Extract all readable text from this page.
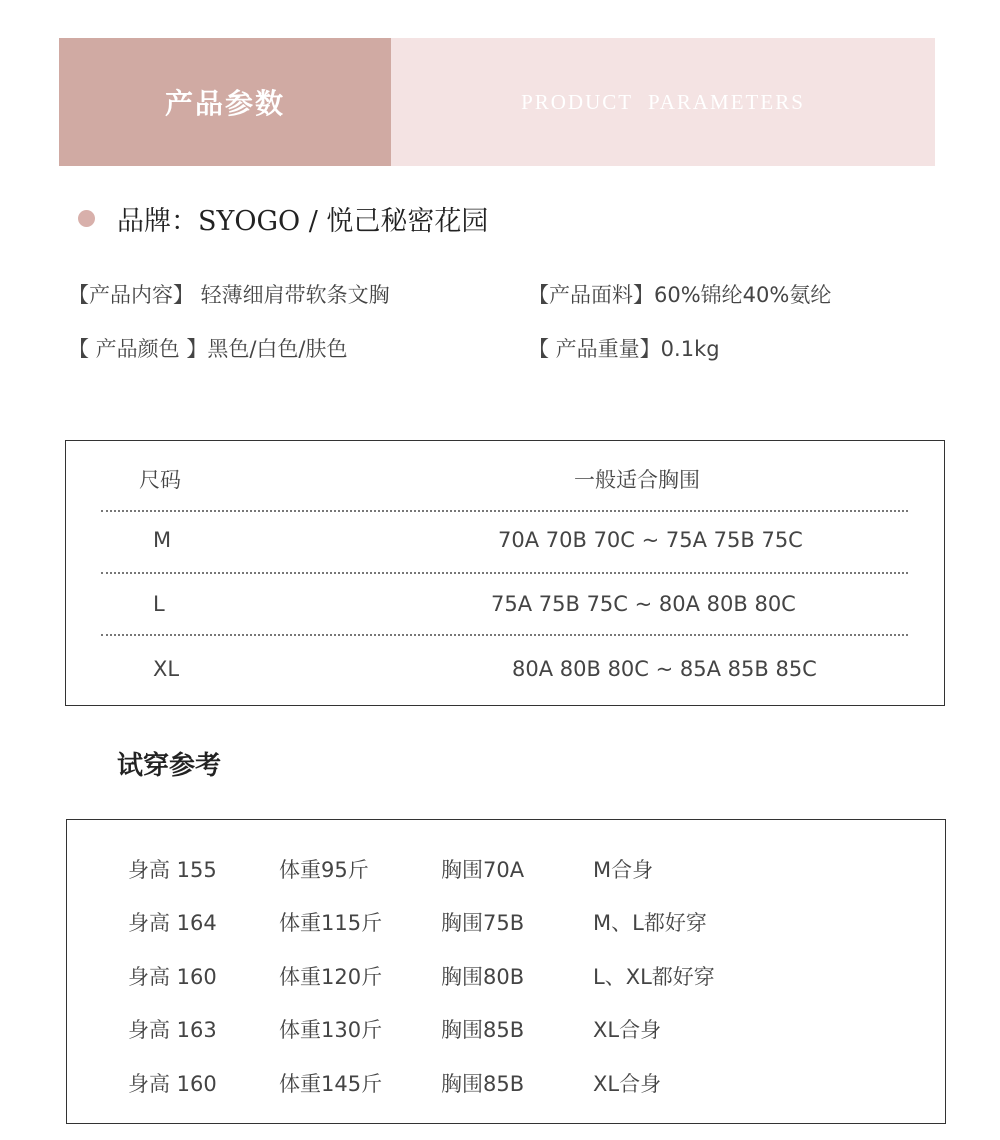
产品参数	PRODUCT PARAMETERS
品牌：SYOGO / 悦己秘密花园
【产品内容】 轻薄细肩带软条文胸	【产品面料】60%锦纶40%氨纶
【 产品颜色 】黑色/白色/肤色	【 产品重量】0.1kg
尺码	一般适合胸围
M	70A 70B 70C ~ 75A 75B 75C
L	75A 75B 75C ~ 80A 80B 80C
XL	80A 80B 80C ~ 85A 85B 85C
试穿参考
身高 155	体重95斤	胸围70A	M合身
身高 164	体重115斤	胸围75B	M、L都好穿
身高 160	体重120斤	胸围80B	L、XL都好穿
身高 163	体重130斤	胸围85B	XL合身
身高 160	体重145斤	胸围85B	XL合身
